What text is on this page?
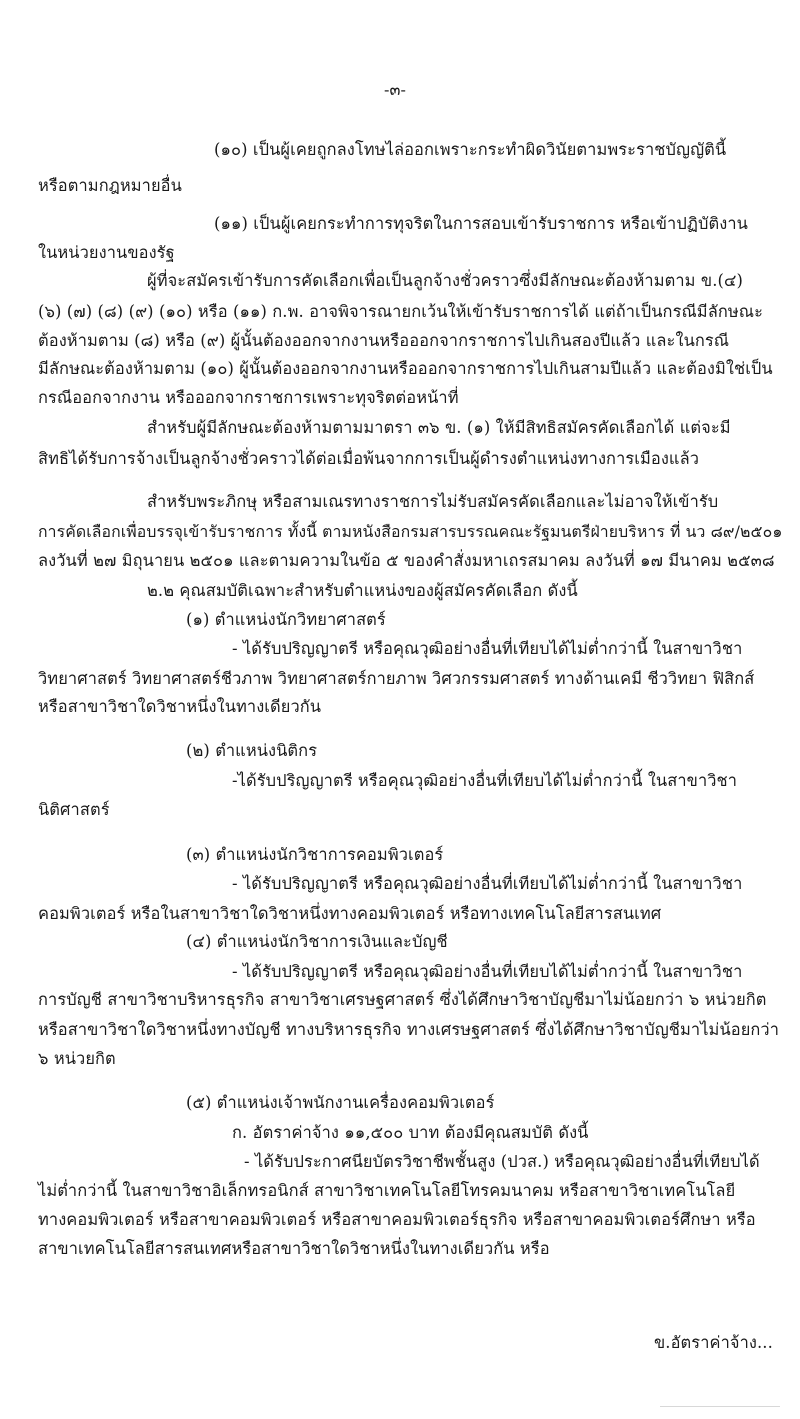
-๓-
(๑๐) เป็นผู้เคยถูกลงโทษไล่ออกเพราะกระทำผิดวินัยตามพระราชบัญญัตินี้
หรือตามกฎหมายอื่น
(๑๑) เป็นผู้เคยกระทำการทุจริตในการสอบเข้ารับราชการ หรือเข้าปฏิบัติงาน
ในหน่วยงานของรัฐ
ผู้ที่จะสมัครเข้ารับการคัดเลือกเพื่อเป็นลูกจ้างชั่วคราวซึ่งมีลักษณะต้องห้ามตาม ข.(๔)
(๖) (๗) (๘) (๙) (๑๐) หรือ (๑๑) ก.พ. อาจพิจารณายกเว้นให้เข้ารับราชการได้ แต่ถ้าเป็นกรณีมีลักษณะ
ต้องห้ามตาม (๘) หรือ (๙) ผู้นั้นต้องออกจากงานหรือออกจากราชการไปเกินสองปีแล้ว และในกรณี
มีลักษณะต้องห้ามตาม (๑๐) ผู้นั้นต้องออกจากงานหรือออกจากราชการไปเกินสามปีแล้ว และต้องมิใช่เป็น
กรณีออกจากงาน หรือออกจากราชการเพราะทุจริตต่อหน้าที่
สำหรับผู้มีลักษณะต้องห้ามตามมาตรา ๓๖ ข. (๑) ให้มีสิทธิสมัครคัดเลือกได้ แต่จะมี
สิทธิได้รับการจ้างเป็นลูกจ้างชั่วคราวได้ต่อเมื่อพ้นจากการเป็นผู้ดำรงตำแหน่งทางการเมืองแล้ว
สำหรับพระภิกษุ หรือสามเณรทางราชการไม่รับสมัครคัดเลือกและไม่อาจให้เข้ารับ
การคัดเลือกเพื่อบรรจุเข้ารับราชการ ทั้งนี้ ตามหนังสือกรมสารบรรณคณะรัฐมนตรีฝ่ายบริหาร ที่ นว ๘๙/๒๕๐๑
ลงวันที่ ๒๗ มิถุนายน ๒๕๐๑ และตามความในข้อ ๕ ของคำสั่งมหาเถรสมาคม ลงวันที่ ๑๗ มีนาคม ๒๕๓๘
๒.๒ คุณสมบัติเฉพาะสำหรับตำแหน่งของผู้สมัครคัดเลือก ดังนี้
(๑) ตำแหน่งนักวิทยาศาสตร์
- ได้รับปริญญาตรี หรือคุณวุฒิอย่างอื่นที่เทียบได้ไม่ต่ำกว่านี้ ในสาขาวิชา
วิทยาศาสตร์ วิทยาศาสตร์ชีวภาพ วิทยาศาสตร์กายภาพ วิศวกรรมศาสตร์ ทางด้านเคมี ชีววิทยา ฟิสิกส์
หรือสาขาวิชาใดวิชาหนึ่งในทางเดียวกัน
(๒) ตำแหน่งนิติกร
-ได้รับปริญญาตรี หรือคุณวุฒิอย่างอื่นที่เทียบได้ไม่ต่ำกว่านี้ ในสาขาวิชา
นิติศาสตร์
(๓) ตำแหน่งนักวิชาการคอมพิวเตอร์
- ได้รับปริญญาตรี หรือคุณวุฒิอย่างอื่นที่เทียบได้ไม่ต่ำกว่านี้ ในสาขาวิชา
คอมพิวเตอร์ หรือในสาขาวิชาใดวิชาหนึ่งทางคอมพิวเตอร์ หรือทางเทคโนโลยีสารสนเทศ
(๔) ตำแหน่งนักวิชาการเงินและบัญชี
- ได้รับปริญญาตรี หรือคุณวุฒิอย่างอื่นที่เทียบได้ไม่ต่ำกว่านี้ ในสาขาวิชา
การบัญชี สาขาวิชาบริหารธุรกิจ สาขาวิชาเศรษฐศาสตร์ ซึ่งได้ศึกษาวิชาบัญชีมาไม่น้อยกว่า ๖ หน่วยกิต
หรือสาขาวิชาใดวิชาหนึ่งทางบัญชี ทางบริหารธุรกิจ ทางเศรษฐศาสตร์ ซึ่งได้ศึกษาวิชาบัญชีมาไม่น้อยกว่า
๖ หน่วยกิต
(๕) ตำแหน่งเจ้าพนักงานเครื่องคอมพิวเตอร์
ก. อัตราค่าจ้าง ๑๑,๕๐๐ บาท ต้องมีคุณสมบัติ ดังนี้
- ได้รับประกาศนียบัตรวิชาชีพชั้นสูง (ปวส.) หรือคุณวุฒิอย่างอื่นที่เทียบได้
ไม่ต่ำกว่านี้ ในสาขาวิชาอิเล็กทรอนิกส์ สาขาวิชาเทคโนโลยีโทรคมนาคม หรือสาขาวิชาเทคโนโลยี
ทางคอมพิวเตอร์ หรือสาขาคอมพิวเตอร์ หรือสาขาคอมพิวเตอร์ธุรกิจ หรือสาขาคอมพิวเตอร์ศึกษา หรือ
สาขาเทคโนโลยีสารสนเทศหรือสาขาวิชาใดวิชาหนึ่งในทางเดียวกัน หรือ
ข.อัตราค่าจ้าง...
